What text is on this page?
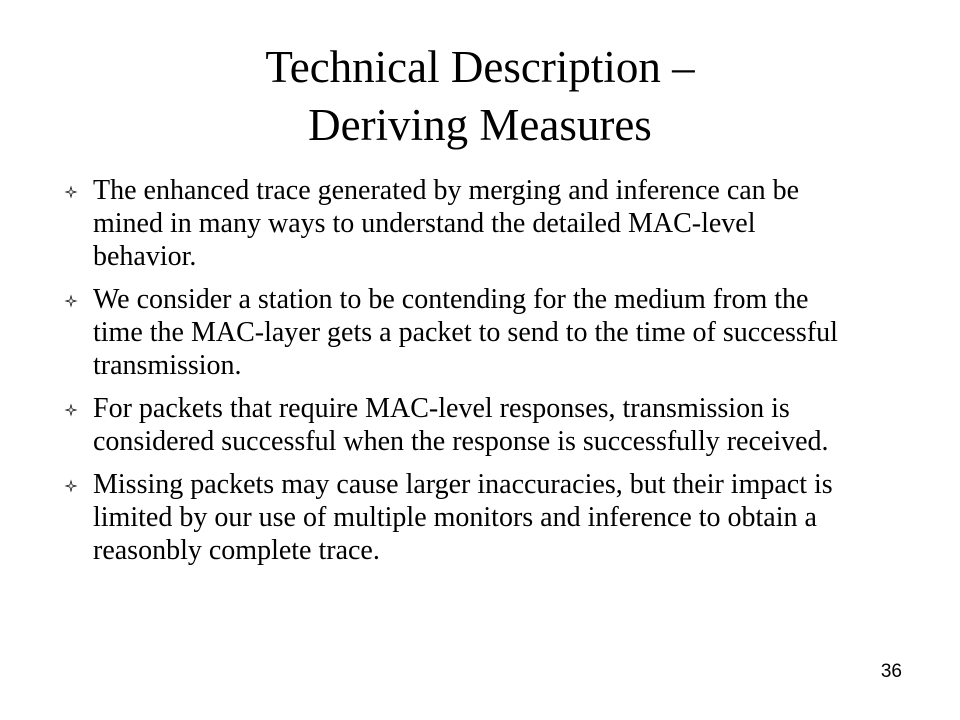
Technical Description –
Deriving Measures
The enhanced trace generated by merging and inference can be mined in many ways to understand the detailed MAC-level behavior.
We consider a station to be contending for the medium from the time the MAC-layer gets a packet to send to the time of successful transmission.
For packets that require MAC-level responses, transmission is considered successful when the response is successfully received.
Missing packets may cause larger inaccuracies, but their impact is limited by our use of multiple monitors and inference to obtain a reasonbly complete trace.
36
